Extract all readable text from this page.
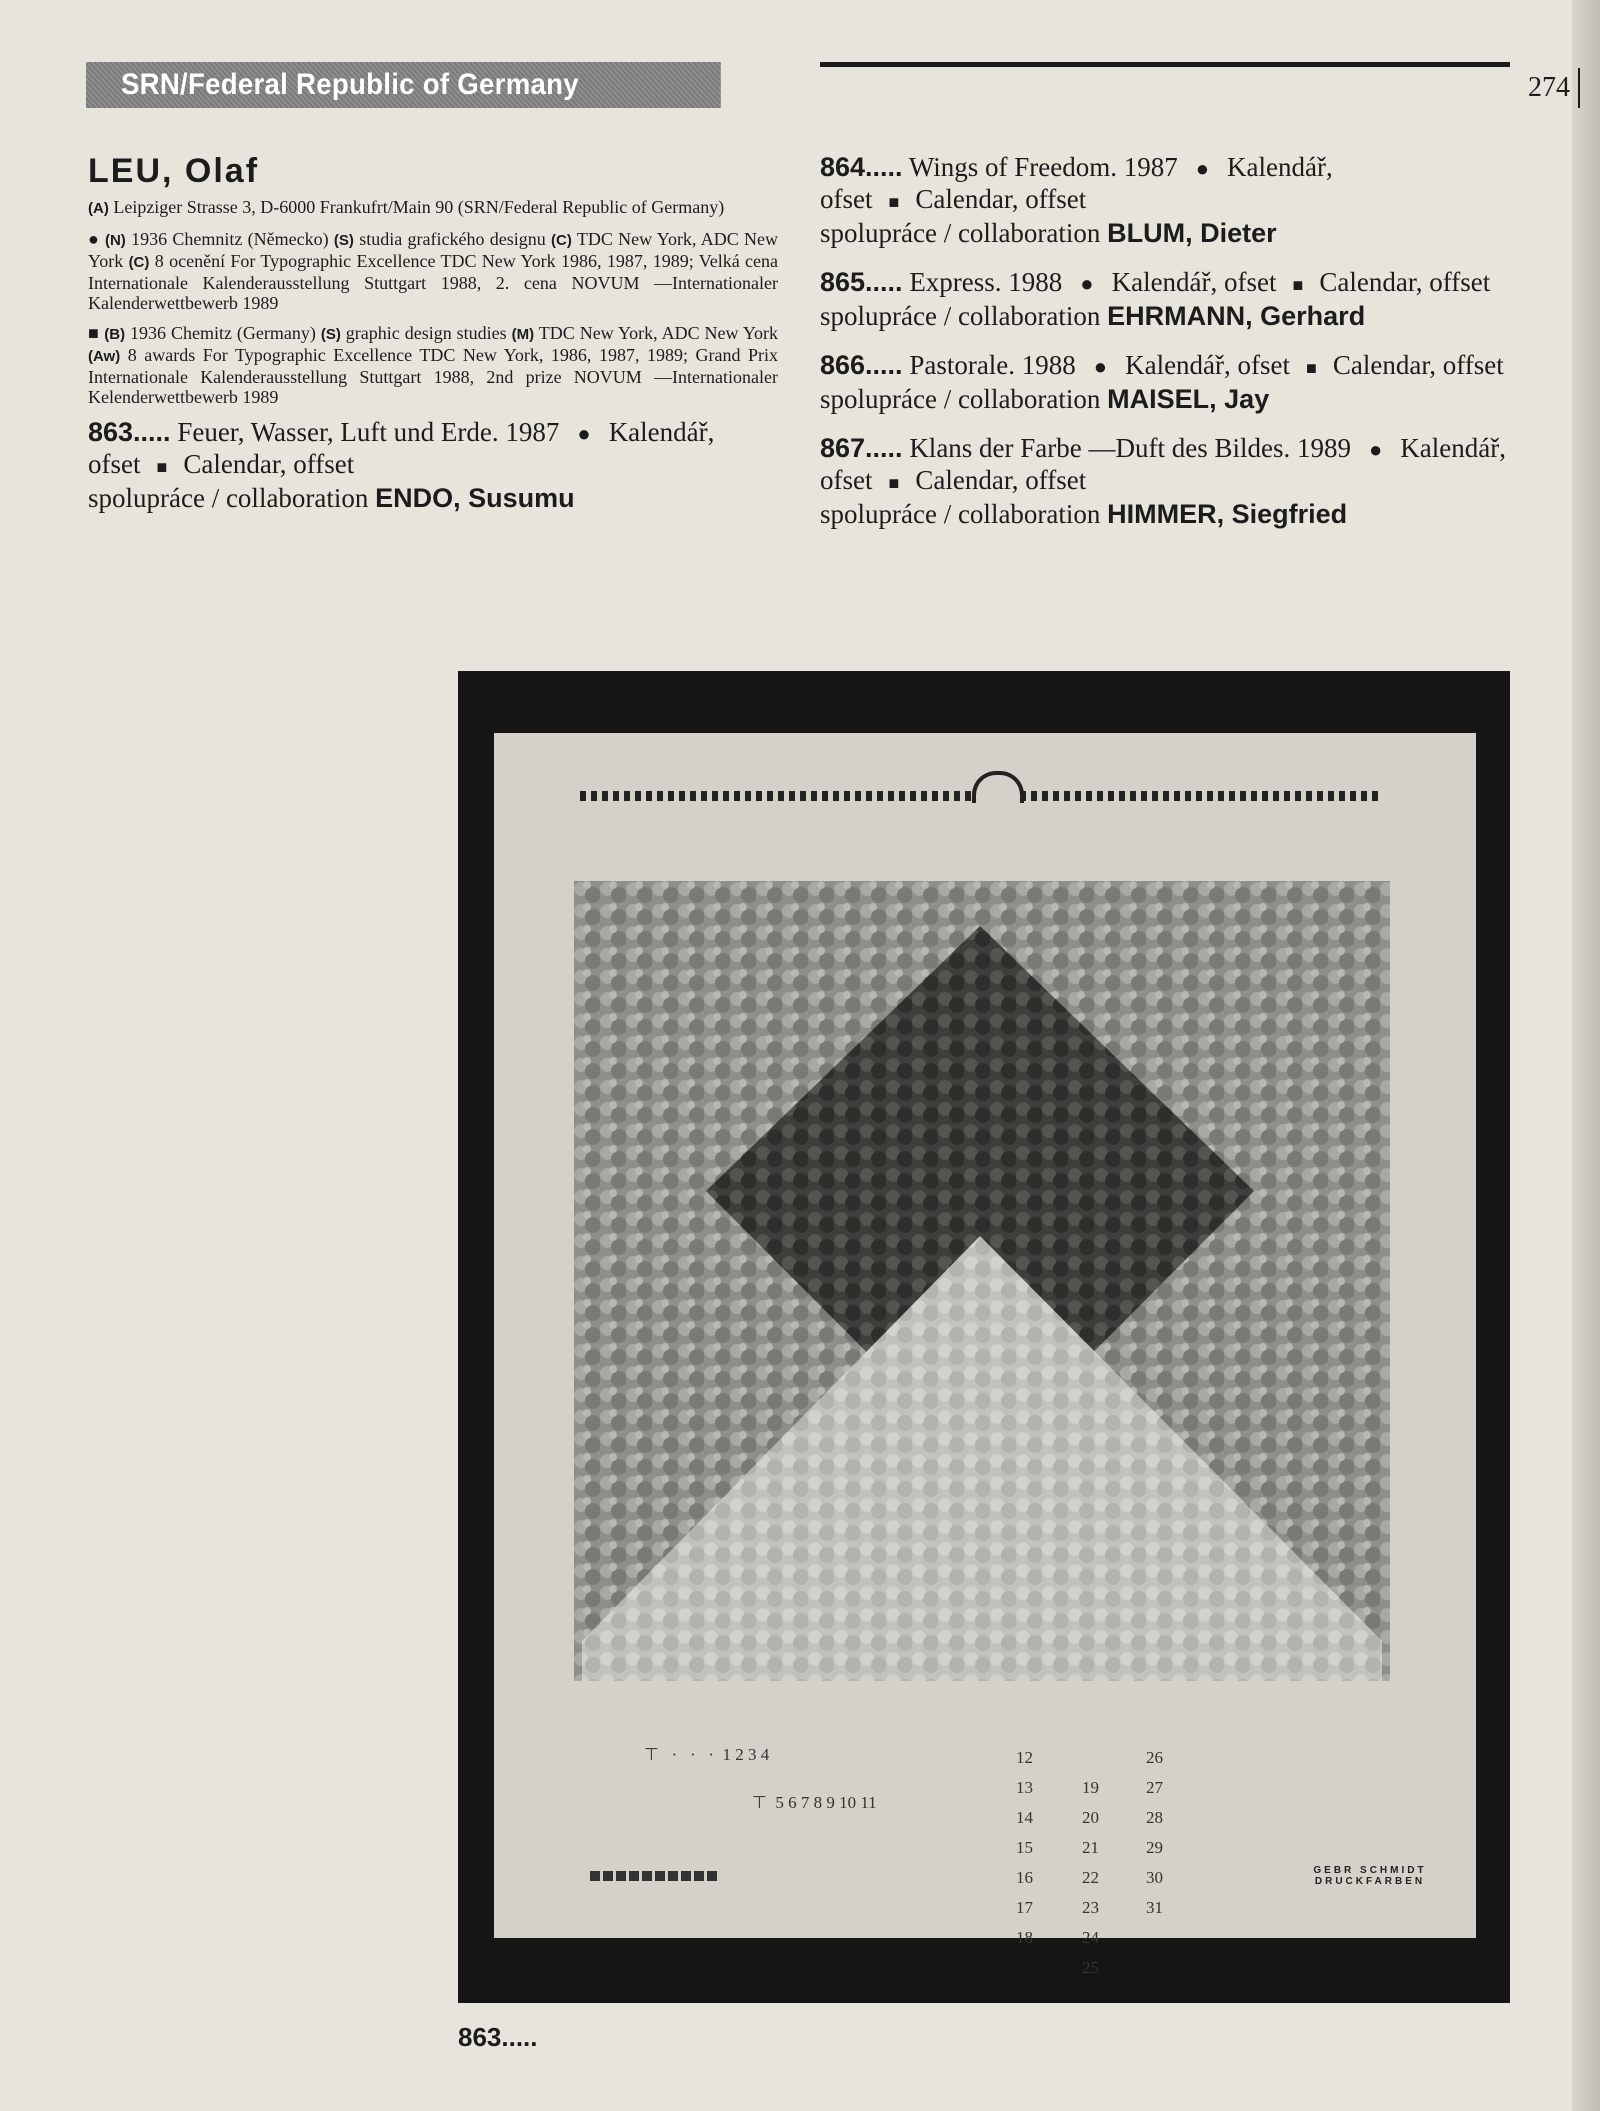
SRN/Federal Republic of Germany	274
LEU, Olaf

(A) Leipziger Strasse 3, D-6000 Frankufrt/Main 90 (SRN/Federal Republic of Germany)

● (N) 1936 Chemnitz (Německo) (S) studia grafického designu (C) TDC New York, ADC New York (C) 8 ocenění For Typographic Excellence TDC New York 1986, 1987, 1989; Velká cena Internationale Kalenderausstellung Stuttgart 1988, 2. cena NOVUM —Internationaler Kalenderwettbewerb 1989

■ (B) 1936 Chemitz (Germany) (S) graphic design studies (M) TDC New York, ADC New York (Aw) 8 awards For Typographic Excellence TDC New York, 1986, 1987, 1989; Grand Prix Internationale Kalenderausstellung Stuttgart 1988, 2nd prize NOVUM —Internationaler Kelenderwettbewerb 1989

863..... Feuer, Wasser, Luft und Erde. 1987 ● Kalendář, ofset ■ Calendar, offset
spolupráce / collaboration ENDO, Susumu

864..... Wings of Freedom. 1987 ● Kalendář, ofset ■ Calendar, offset
spolupráce / collaboration BLUM, Dieter

865..... Express. 1988 ● Kalendář, ofset ■ Calendar, offset
spolupráce / collaboration EHRMANN, Gerhard

866..... Pastorale. 1988 ● Kalendář, ofset ■ Calendar, offset
spolupráce / collaboration MAISEL, Jay

867..... Klans der Farbe —Duft des Bildes. 1989 ● Kalendář, ofset ■ Calendar, offset
spolupráce / collaboration HIMMER, Siegfried

⊤   ·   ·   ·  1 2 3 4
⊤ 5 6 7 8 9 10 11
12
13
14
15
16
17
18
19
20
21
22
23
24
25
26
27
28
29
30
31
GEBR SCHMIDT
DRUCKFARBEN
863.....
